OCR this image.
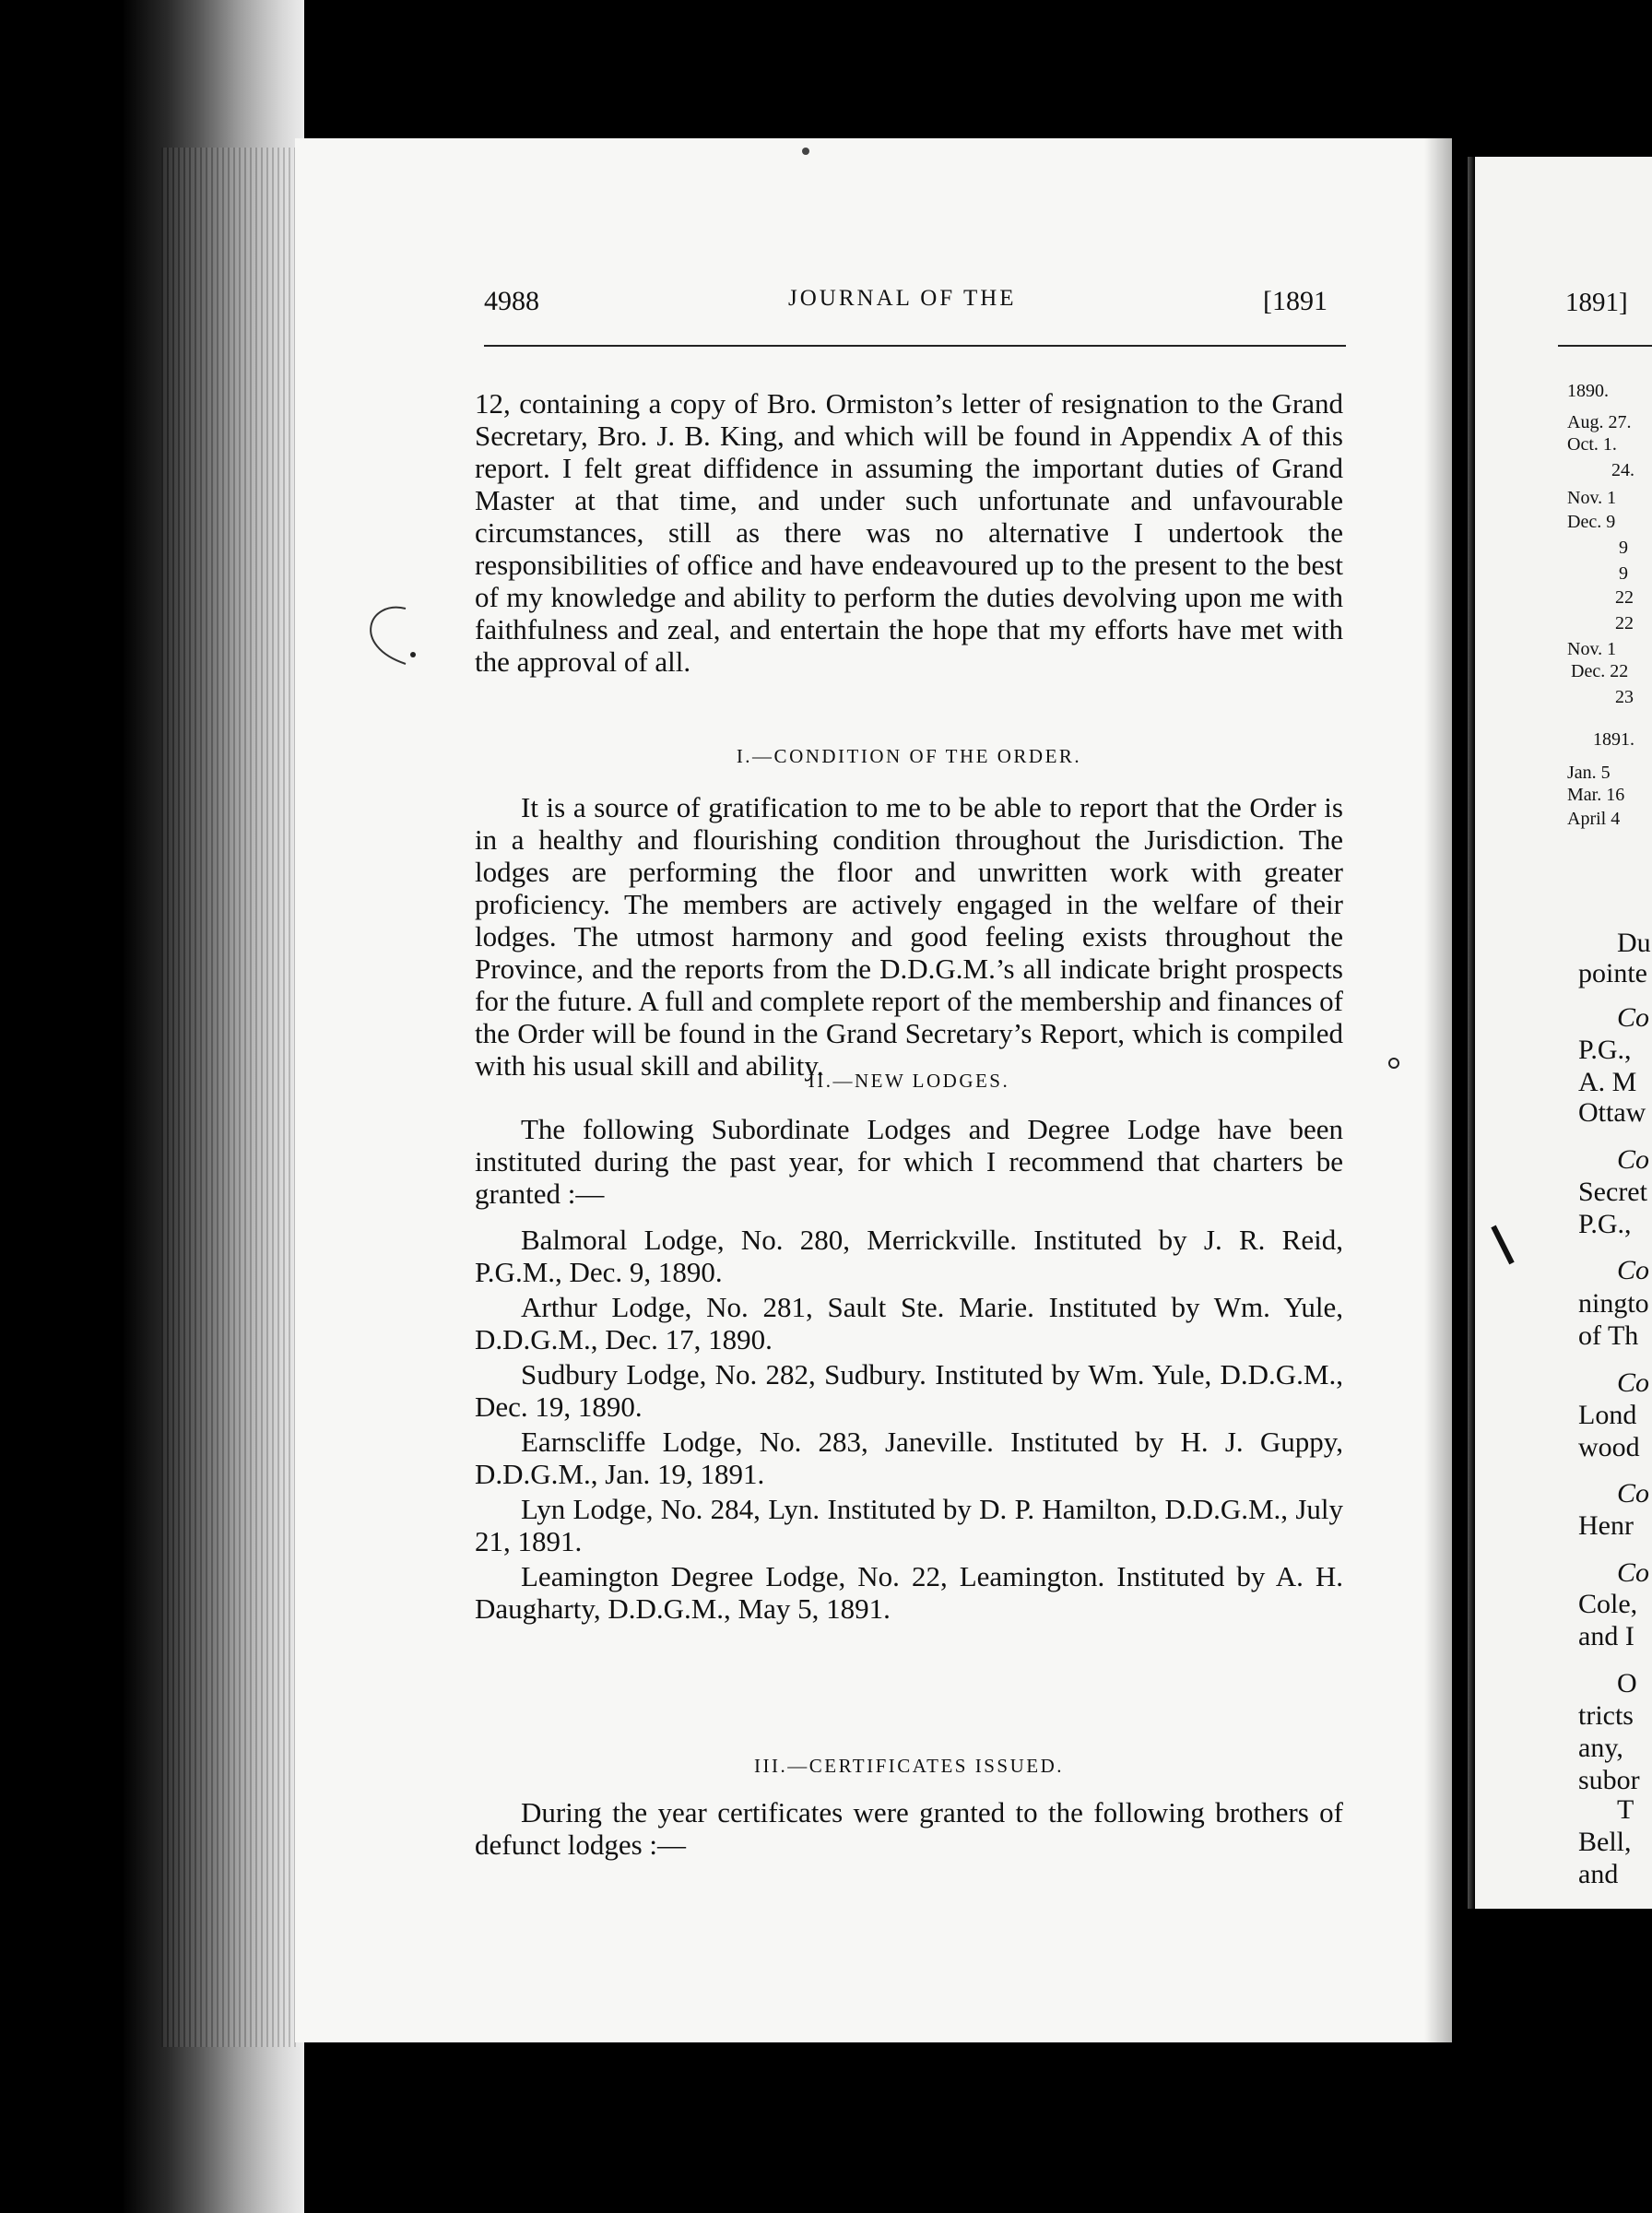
4988	JOURNAL OF THE	[1891
12, containing a copy of Bro. Ormiston’s letter of resignation to the Grand Secretary, Bro. J. B. King, and which will be found in Appendix A of this report. I felt great diffidence in assuming the important duties of Grand Master at that time, and under such unfortunate and unfavourable circumstances, still as there was no alternative I undertook the responsibilities of office and have endeavoured up to the present to the best of my knowledge and ability to perform the duties devolving upon me with faithfulness and zeal, and entertain the hope that my efforts have met with the approval of all.
I.—CONDITION OF THE ORDER.
It is a source of gratification to me to be able to report that the Order is in a healthy and flourishing condition throughout the Jurisdiction. The lodges are performing the floor and unwritten work with greater proficiency. The members are actively engaged in the welfare of their lodges. The utmost harmony and good feeling exists throughout the Province, and the reports from the D.D.G.M.’s all indicate bright prospects for the future. A full and complete report of the membership and finances of the Order will be found in the Grand Secretary’s Report, which is compiled with his usual skill and ability.
II.—NEW LODGES.
The following Subordinate Lodges and Degree Lodge have been instituted during the past year, for which I recommend that charters be granted :—

Balmoral Lodge, No. 280, Merrickville. Instituted by J. R. Reid, P.G.M., Dec. 9, 1890.

Arthur Lodge, No. 281, Sault Ste. Marie. Instituted by Wm. Yule, D.D.G.M., Dec. 17, 1890.

Sudbury Lodge, No. 282, Sudbury. Instituted by Wm. Yule, D.D.G.M., Dec. 19, 1890.

Earnscliffe Lodge, No. 283, Janeville. Instituted by H. J. Guppy, D.D.G.M., Jan. 19, 1891.

Lyn Lodge, No. 284, Lyn. Instituted by D. P. Hamilton, D.D.G.M., July 21, 1891.

Leamington Degree Lodge, No. 22, Leamington. Instituted by A. H. Daugharty, D.D.G.M., May 5, 1891.

III.—CERTIFICATES ISSUED.
During the year certificates were granted to the following brothers of defunct lodges :—
1891]
1890.
Aug. 27.
Oct. 1.
24.
Nov. 1
Dec. 9
9
9
22
22
Nov. 1
Dec. 22
23
1891.
Jan. 5
Mar. 16
April 4
Du
pointe
Co
P.G.,
A. M
Ottaw
Co
Secret
P.G.,
Co
ningto
of Th
Co
Lond
wood
Co
Henr
Co
Cole,
and I
O
tricts
any,
subor
T
Bell,
and
